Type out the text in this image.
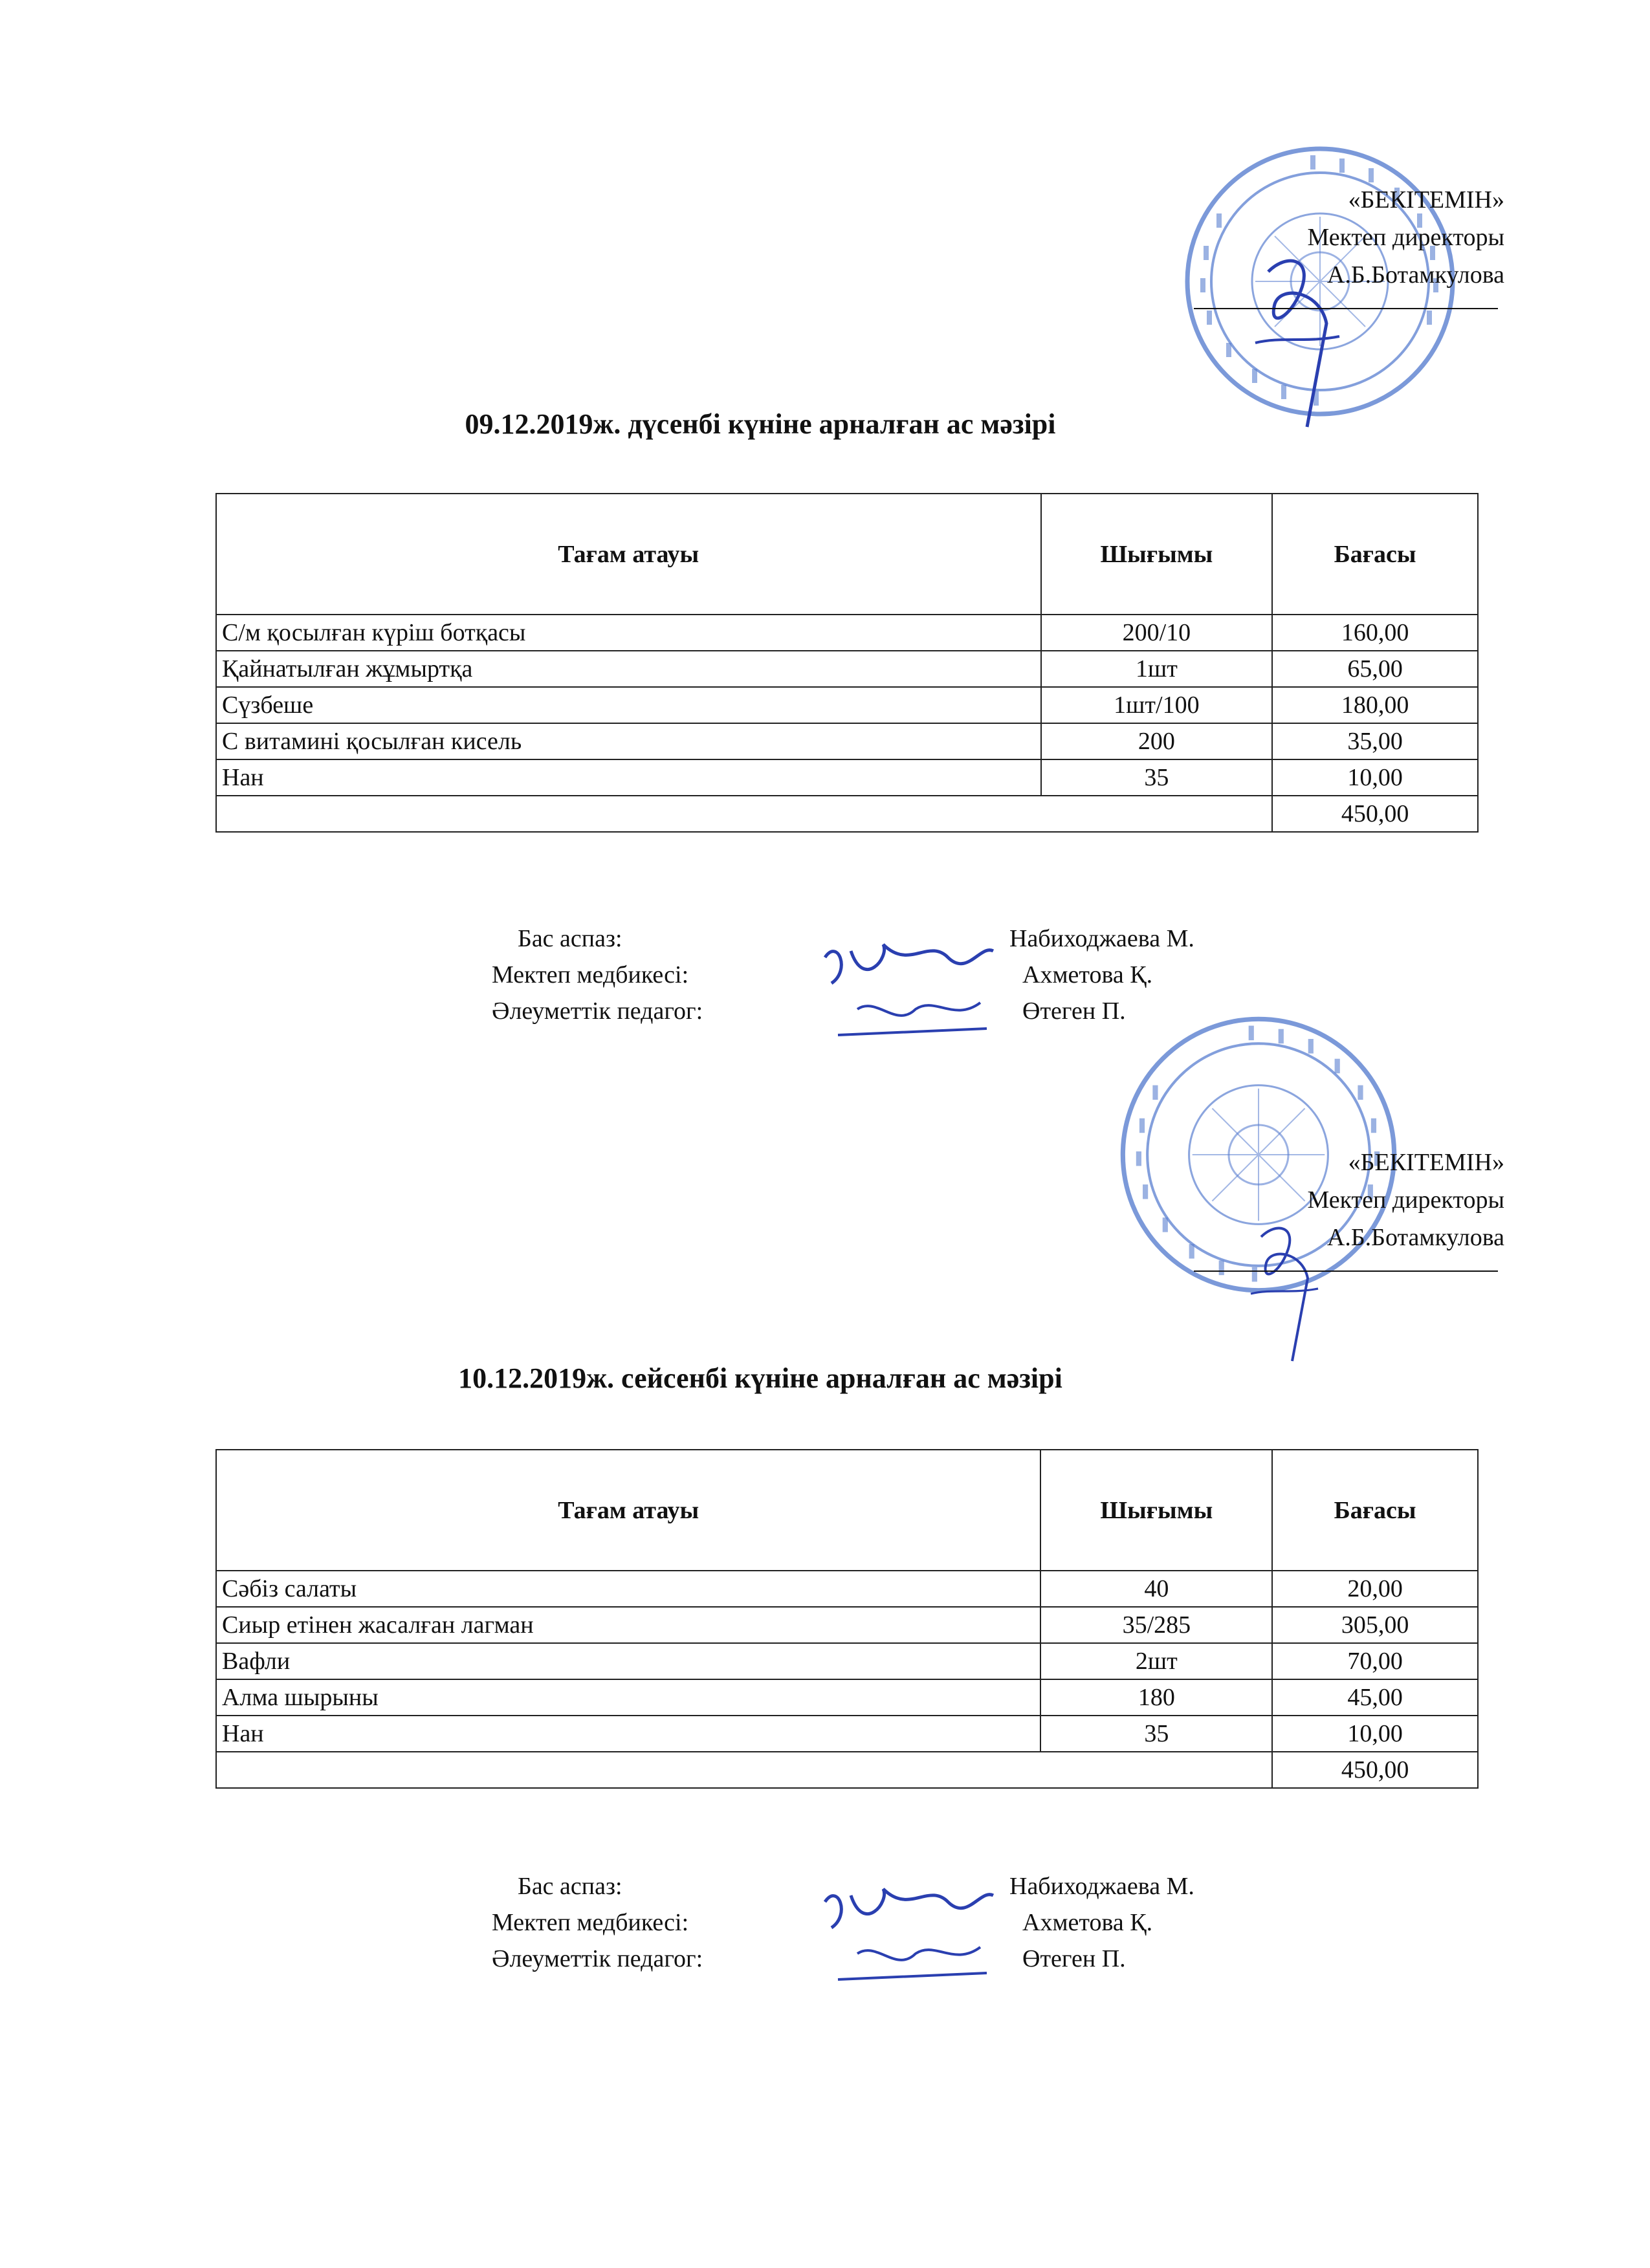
«БЕКІТЕМІН»
Мектеп директоры
А.Б.Ботамкулова
09.12.2019ж. дүсенбі күніне арналған ас мәзірі
Тағам атауы	Шығымы	Бағасы
С/м қосылған күріш ботқасы	200/10	160,00
Қайнатылған жұмыртқа	1шт	65,00
Сүзбеше	1шт/100	180,00
С витамині қосылған кисель	200	35,00
Нан	35	10,00
		450,00
Бас аспаз:	Набиходжаева М.
Мектеп медбикесі:	Ахметова Қ.
Әлеуметтік педагог:	Өтеген П.
«БЕКІТЕМІН»
Мектеп директоры
А.Б.Ботамкулова
10.12.2019ж. сейсенбі күніне арналған ас мәзірі
Тағам атауы	Шығымы	Бағасы
Сәбіз салаты	40	20,00
Сиыр етінен жасалған лагман	35/285	305,00
Вафли	2шт	70,00
Алма шырыны	180	45,00
Нан	35	10,00
		450,00
Бас аспаз:	Набиходжаева М.
Мектеп медбикесі:	Ахметова Қ.
Әлеуметтік педагог:	Өтеген П.
